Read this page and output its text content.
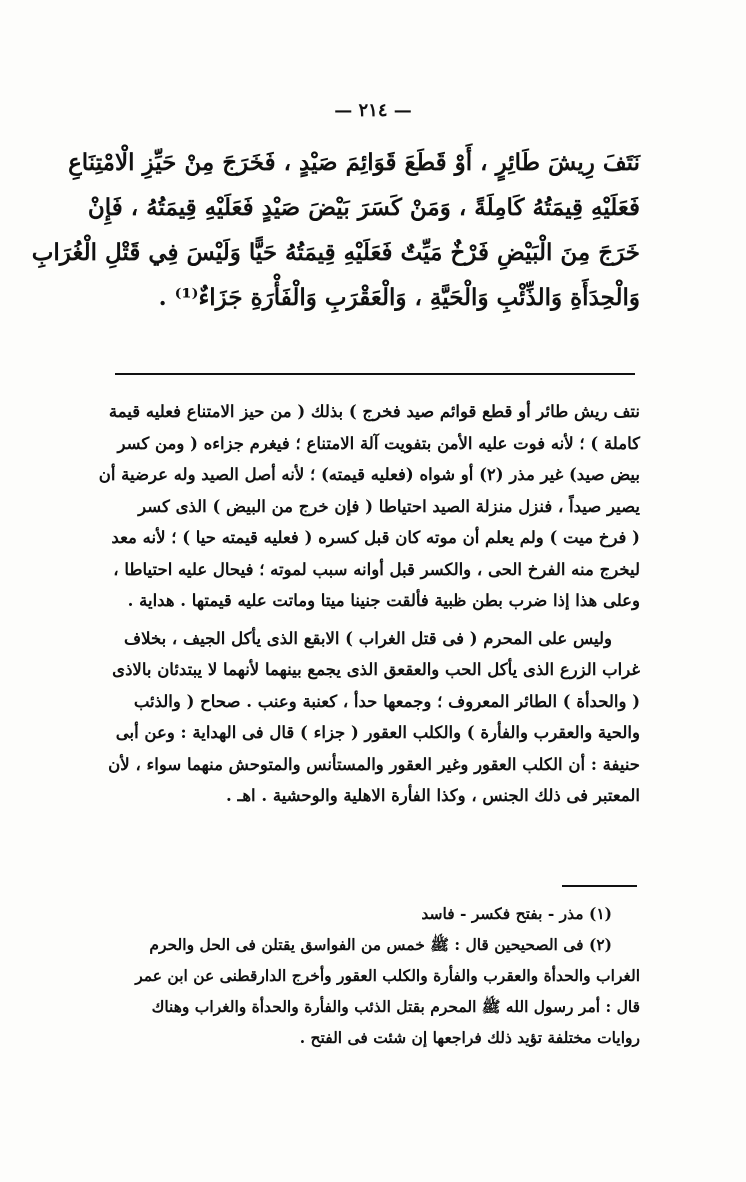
— ٢١٤ —
نَتَفَ رِيشَ طَائِرٍ ، أَوْ قَطَعَ قَوَائِمَ صَيْدٍ ، فَخَرَجَ مِنْ حَيِّزِ الْامْتِنَاعِ
فَعَلَيْهِ قِيمَتُهُ كَامِلَةً ، وَمَنْ كَسَرَ بَيْضَ صَيْدٍ فَعَلَيْهِ قِيمَتُهُ ، فَإِنْ
خَرَجَ مِنَ الْبَيْضِ فَرْخٌ مَيِّتٌ فَعَلَيْهِ قِيمَتُهُ حَيًّا وَلَيْسَ فِي قَتْلِ الْغُرَابِ
وَالْحِدَأَةِ وَالذِّئْبِ وَالْحَيَّةِ ، وَالْعَقْرَبِ وَالْفَأْرَةِ جَزَاءٌ⁽¹⁾ .

نتف ريش طائر أو قطع قوائم صيد فخرج ) بذلك ( من حيز الامتناع فعليه قيمة
كاملة ) ؛ لأنه فوت عليه الأمن بتفويت آلة الامتناع ؛ فيغرم جزاءه ( ومن كسر
بيض صيد) غير مذر (٢) أو شواه (فعليه قيمته) ؛ لأنه أصل الصيد وله عرضية أن
يصير صيداً ، فنزل منزلة الصيد احتياطا ( فإن خرج من البيض ) الذى كسر
( فرخ ميت ) ولم يعلم أن موته كان قبل كسره ( فعليه قيمته حيا ) ؛ لأنه معد
ليخرج منه الفرخ الحى ، والكسر قبل أوانه سبب لموته ؛ فيحال عليه احتياطا ،
وعلى هذا إذا ضرب بطن ظبية فألقت جنينا ميتا وماتت عليه قيمتها . هداية .

وليس على المحرم ( فى قتل الغراب ) الابقع الذى يأكل الجيف ، بخلاف
غراب الزرع الذى يأكل الحب والعقعق الذى يجمع بينهما لأنهما لا يبتدئان بالاذى
( والحدأة ) الطائر المعروف ؛ وجمعها حدأ ، كعنبة وعنب . صحاح ( والذئب
والحية والعقرب والفأرة ) والكلب العقور ( جزاء ) قال فى الهداية : وعن أبى
حنيفة : أن الكلب العقور وغير العقور والمستأنس والمتوحش منهما سواء ، لأن
المعتبر فى ذلك الجنس ، وكذا الفأرة الاهلية والوحشية . اهـ .

(١) مذر - بفتح فكسر - فاسد
(٢) فى الصحيحين قال : ﷺ خمس من الفواسق يقتلن فى الحل والحرم
الغراب والحدأة والعقرب والفأرة والكلب العقور وأخرج الدارقطنى عن ابن عمر
قال : أمر رسول الله ﷺ المحرم بقتل الذئب والفأرة والحدأة والغراب وهناك
روايات مختلفة تؤيد ذلك فراجعها إن شئت فى الفتح .
